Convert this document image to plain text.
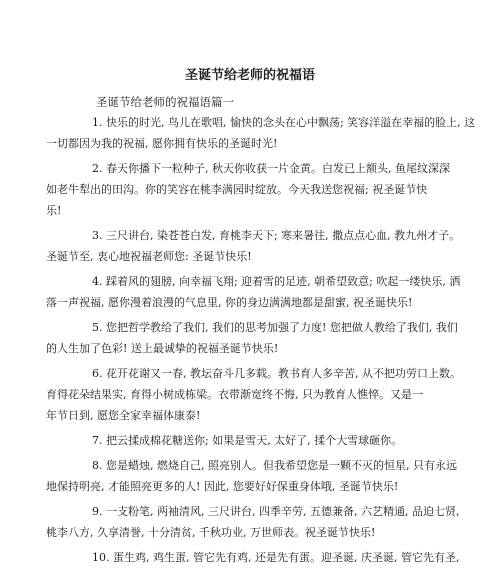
圣诞节给老师的祝福语
圣诞节给老师的祝福语篇一
1. 快乐的时光, 鸟儿在歌唱, 愉快的念头在心中飘荡; 笑容洋溢在幸福的脸上, 这
一切都因为我的祝福, 愿你拥有快乐的圣诞时光!
2. 春天你播下一粒种子, 秋天你收获一片金黄。白发已上额头, 鱼尾纹深深
如老牛犁出的田沟。你的笑容在桃李满园时绽放。今天我送您祝福; 祝圣诞节快
乐!
3. 三尺讲台, 染苍苍白发, 育桃李天下; 寒来暑往, 撒点点心血, 教九州才子。
圣诞节至, 衷心地祝福老师您: 圣诞节快乐!
4. 踩着风的翅膀, 向幸福飞翔; 迎着雪的足迹, 朝希望致意; 吹起一缕快乐, 洒
落一声祝福, 愿你漫着浪漫的气息里, 你的身边满满地都是甜蜜, 祝圣诞快乐!
5. 您把哲学教给了我们, 我们的思考加强了力度! 您把做人教给了我们, 我们
的人生加了色彩! 送上最诚挚的祝福圣诞节快乐!
6. 花开花谢又一春, 教坛奋斗几多载。教书育人多辛苦, 从不把功劳口上数。
育得花朵结果实, 育得小树成栋梁。衣带渐宽终不悔, 只为教育人憔悴。又是一
年节日到, 愿您全家幸福体康泰!
7. 把云揉成棉花糖送你; 如果是雪天, 太好了, 揉个大雪球砸你。
8. 您是蜡烛, 燃烧自己, 照亮别人。但我希望您是一颗不灭的恒星, 只有永远
地保持明亮, 才能照亮更多的人! 因此, 您要好好保重身体哦, 圣诞节快乐!
9. 一支粉笔, 两袖清风, 三尺讲台, 四季辛劳, 五德兼备, 六艺精通, 品迫七贤,
桃李八方, 久享清誉, 十分清贫, 千秋功业, 万世师表。祝圣诞节快乐!
10. 蛋生鸡, 鸡生蛋, 管它先有鸡, 还是先有蛋。迎圣诞, 庆圣诞, 管它先有圣,
